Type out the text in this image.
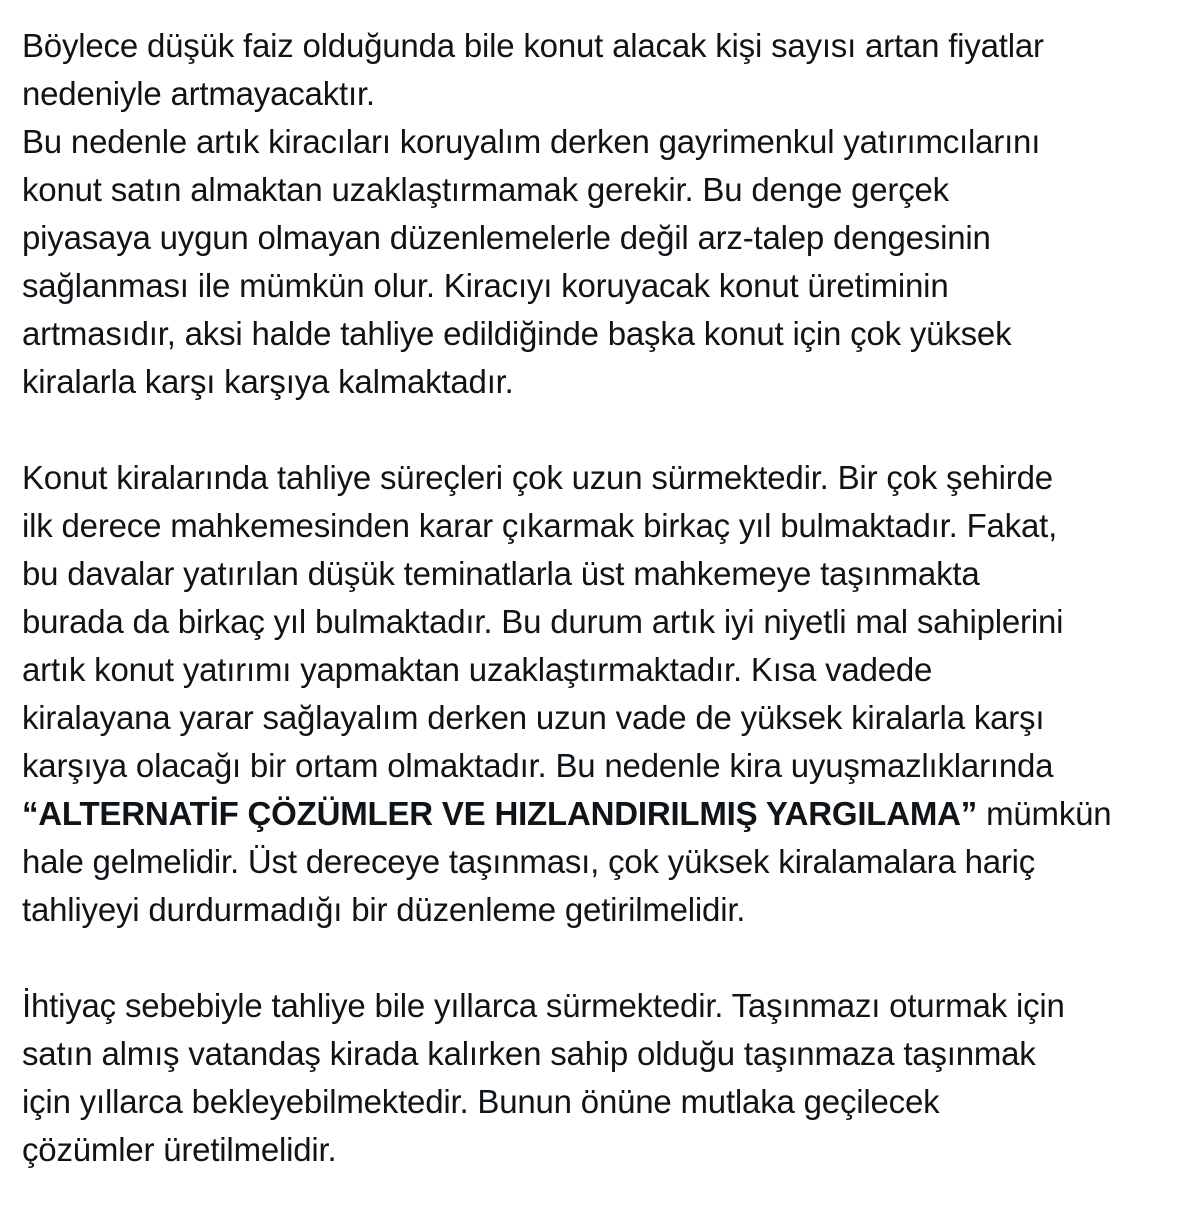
Böylece düşük faiz olduğunda bile konut alacak kişi sayısı artan fiyatlar
nedeniyle artmayacaktır.
Bu nedenle artık kiracıları koruyalım derken gayrimenkul yatırımcılarını
konut satın almaktan uzaklaştırmamak gerekir. Bu denge gerçek
piyasaya uygun olmayan düzenlemelerle değil arz-talep dengesinin
sağlanması ile mümkün olur. Kiracıyı koruyacak konut üretiminin
artmasıdır, aksi halde tahliye edildiğinde başka konut için çok yüksek
kiralarla karşı karşıya kalmaktadır.
Konut kiralarında tahliye süreçleri çok uzun sürmektedir. Bir çok şehirde
ilk derece mahkemesinden karar çıkarmak birkaç yıl bulmaktadır. Fakat,
bu davalar yatırılan düşük teminatlarla üst mahkemeye taşınmakta
burada da birkaç yıl bulmaktadır. Bu durum artık iyi niyetli mal sahiplerini
artık konut yatırımı yapmaktan uzaklaştırmaktadır. Kısa vadede
kiralayana yarar sağlayalım derken uzun vade de yüksek kiralarla karşı
karşıya olacağı bir ortam olmaktadır. Bu nedenle kira uyuşmazlıklarında
“ALTERNATİF ÇÖZÜMLER VE HIZLANDIRILMIŞ YARGILAMA” mümkün
hale gelmelidir. Üst dereceye taşınması, çok yüksek kiralamalara hariç
tahliyeyi durdurmadığı bir düzenleme getirilmelidir.
İhtiyaç sebebiyle tahliye bile yıllarca sürmektedir. Taşınmazı oturmak için
satın almış vatandaş kirada kalırken sahip olduğu taşınmaza taşınmak
için yıllarca bekleyebilmektedir. Bunun önüne mutlaka geçilecek
çözümler üretilmelidir.
